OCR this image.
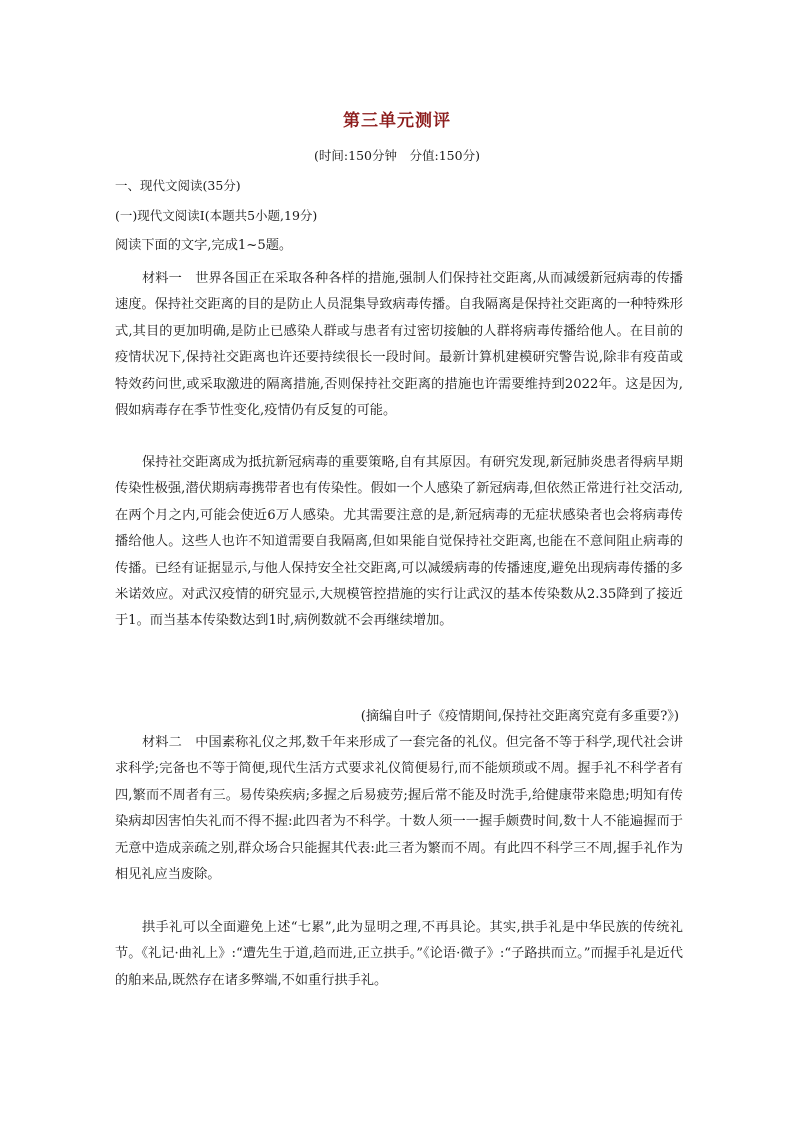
第三单元测评
(时间:150分钟　分值:150分)
一、现代文阅读(35分)
(一)现代文阅读Ⅰ(本题共5小题,19分)
阅读下面的文字,完成1~5题。
材料一　世界各国正在采取各种各样的措施,强制人们保持社交距离,从而减缓新冠病毒的传播速度。保持社交距离的目的是防止人员混集导致病毒传播。自我隔离是保持社交距离的一种特殊形式,其目的更加明确,是防止已感染人群或与患者有过密切接触的人群将病毒传播给他人。在目前的疫情状况下,保持社交距离也许还要持续很长一段时间。最新计算机建模研究警告说,除非有疫苗或特效药问世,或采取激进的隔离措施,否则保持社交距离的措施也许需要维持到2022年。这是因为,假如病毒存在季节性变化,疫情仍有反复的可能。
保持社交距离成为抵抗新冠病毒的重要策略,自有其原因。有研究发现,新冠肺炎患者得病早期传染性极强,潜伏期病毒携带者也有传染性。假如一个人感染了新冠病毒,但依然正常进行社交活动,在两个月之内,可能会使近6万人感染。尤其需要注意的是,新冠病毒的无症状感染者也会将病毒传播给他人。这些人也许不知道需要自我隔离,但如果能自觉保持社交距离,也能在不意间阻止病毒的传播。已经有证据显示,与他人保持安全社交距离,可以减缓病毒的传播速度,避免出现病毒传播的多米诺效应。对武汉疫情的研究显示,大规模管控措施的实行让武汉的基本传染数从2.35降到了接近于1。而当基本传染数达到1时,病例数就不会再继续增加。
(摘编自叶子《疫情期间,保持社交距离究竟有多重要?》)
材料二　中国素称礼仪之邦,数千年来形成了一套完备的礼仪。但完备不等于科学,现代社会讲求科学;完备也不等于简便,现代生活方式要求礼仪简便易行,而不能烦琐或不周。握手礼不科学者有四,繁而不周者有三。易传染疾病;多握之后易疲劳;握后常不能及时洗手,给健康带来隐患;明知有传染病却因害怕失礼而不得不握:此四者为不科学。十数人须一一握手颇费时间,数十人不能遍握而于无意中造成亲疏之别,群众场合只能握其代表:此三者为繁而不周。有此四不科学三不周,握手礼作为相见礼应当废除。
拱手礼可以全面避免上述“七累”,此为显明之理,不再具论。其实,拱手礼是中华民族的传统礼节。《礼记·曲礼上》:“遭先生于道,趋而进,正立拱手。”《论语·微子》:“子路拱而立。”而握手礼是近代的舶来品,既然存在诸多弊端,不如重行拱手礼。
